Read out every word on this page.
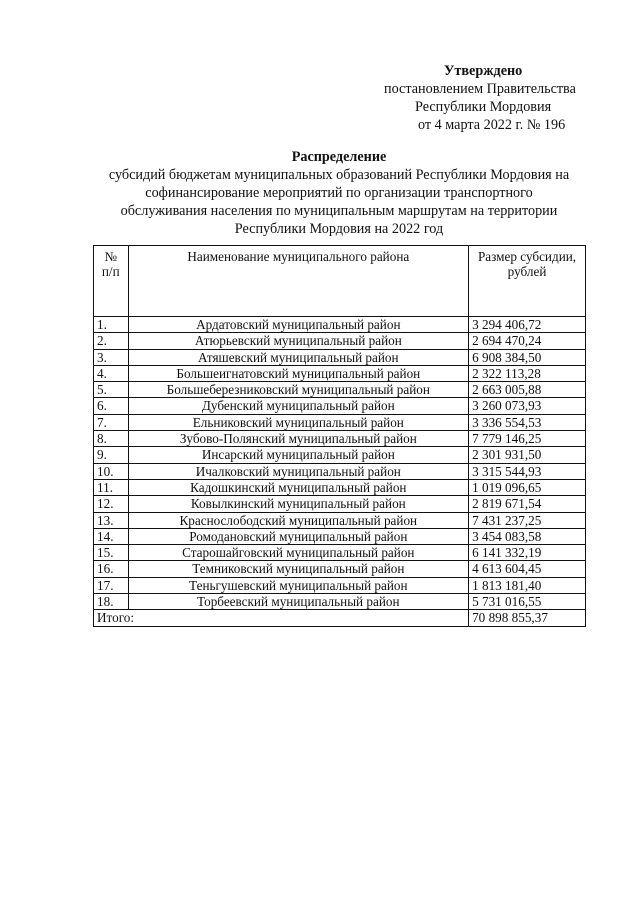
Утверждено
постановлением Правительства
Республики Мордовия
от 4 марта 2022 г. № 196
Распределение
субсидий бюджетам муниципальных образований Республики Мордовия на
софинансирование мероприятий по организации транспортного
обслуживания населения по муниципальным маршрутам на территории
Республики Мордовия на 2022 год
№
п/п	Наименование муниципального района	Размер субсидии,
рублей
1.	Ардатовский муниципальный район	3 294 406,72
2.	Атюрьевский муниципальный район	2 694 470,24
3.	Атяшевский муниципальный район	6 908 384,50
4.	Большеигнатовский муниципальный район	2 322 113,28
5.	Большеберезниковский муниципальный район	2 663 005,88
6.	Дубенский муниципальный район	3 260 073,93
7.	Ельниковский муниципальный район	3 336 554,53
8.	Зубово-Полянский муниципальный район	7 779 146,25
9.	Инсарский муниципальный район	2 301 931,50
10.	Ичалковский муниципальный район	3 315 544,93
11.	Кадошкинский муниципальный район	1 019 096,65
12.	Ковылкинский муниципальный район	2 819 671,54
13.	Краснослободский муниципальный район	7 431 237,25
14.	Ромодановский муниципальный район	3 454 083,58
15.	Старошайговский муниципальный район	6 141 332,19
16.	Темниковский муниципальный район	4 613 604,45
17.	Теньгушевский муниципальный район	1 813 181,40
18.	Торбеевский муниципальный район	5 731 016,55
Итого:		70 898 855,37
